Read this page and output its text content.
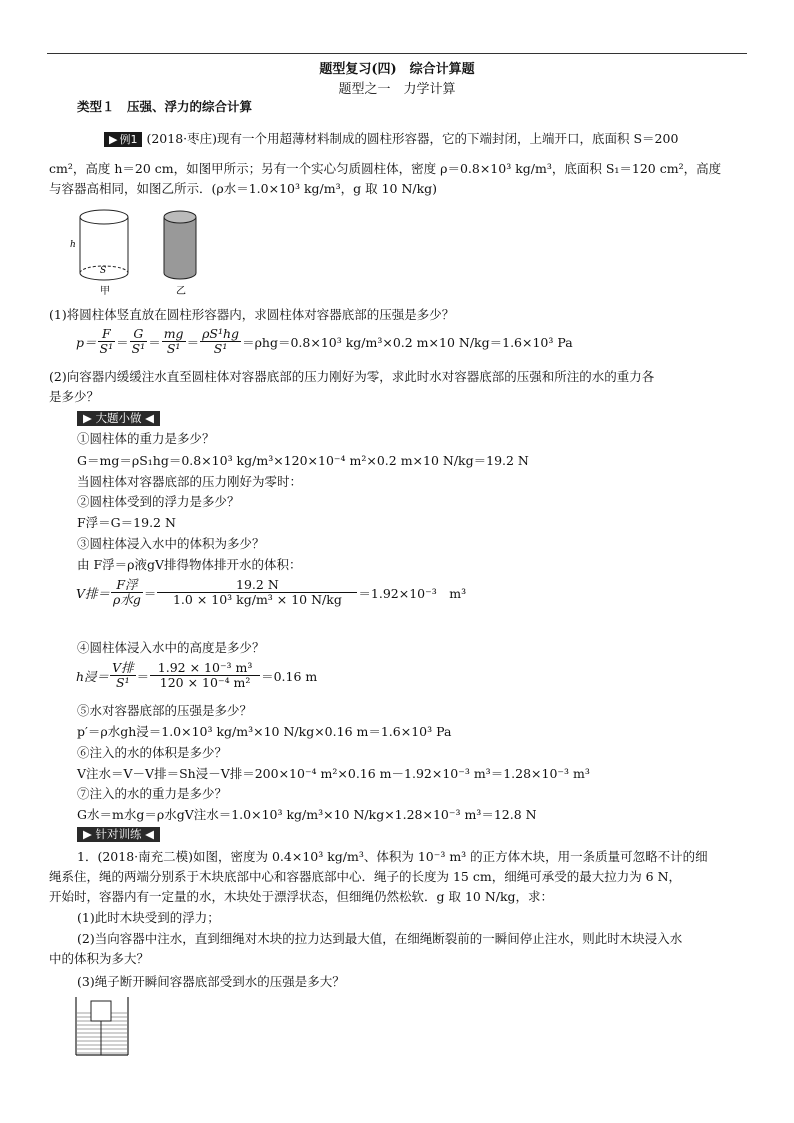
题型复习(四)　综合计算题
题型之一　力学计算
类型１　压强、浮力的综合计算
▶ 例1 (2018·枣庄)现有一个用超薄材料制成的圆柱形容器，它的下端封闭，上端开口，底面积 S＝200
cm²，高度 h＝20 cm，如图甲所示；另有一个实心匀质圆柱体，密度 ρ＝0.8×10³ kg/m³，底面积 S₁＝120 cm²，高度
与容器高相同，如图乙所示．(ρ水＝1.0×10³ kg/m³，g 取 10 N/kg)
h
S
甲	乙
(1)将圆柱体竖直放在圆柱形容器内，求圆柱体对容器底部的压强是多少？
$p= \frac{F}{\text{S¹}} = \frac{G}{\text{S¹}} = \frac{mg}{\text{S¹}} = \frac{\text{ρS¹hg}}{\text{S¹}} =\rho hg=0.8\times 10^3$ kg/m³×0.2 m×10 N/kg＝1.6×10³ Pa
(2)向容器内缓缓注水直至圆柱体对容器底部的压力刚好为零，求此时水对容器底部的压强和所注的水的重力各
是多少？
▶ 大题小做 ◀
①圆柱体的重力是多少？
G＝mg＝ρS₁hg＝0.8×10³ kg/m³×120×10⁻⁴ m²×0.2 m×10 N/kg＝19.2 N
当圆柱体对容器底部的压力刚好为零时：
②圆柱体受到的浮力是多少？
F浮＝G＝19.2 N
③圆柱体浸入水中的体积为多少？
由 F浮＝ρ液gV排得物体排开水的体积：
V排＝ $\frac{\text{F浮}}{\text{ρ水g}} = \frac{19.2 N}{\text{1.0 × 10³ kg/m³ × 10 N/kg}} =1.92\times 10^{-3}$　m³
④圆柱体浸入水中的高度是多少？
h浸＝ $\frac{\text{V排}}{\text{S¹}} = \frac{\text{1.92 × 10⁻³ m³}}{\text{120 × 10⁻⁴ m²}} =0.16$ m
⑤水对容器底部的压强是多少？
p′＝ρ水gh浸＝1.0×10³ kg/m³×10 N/kg×0.16 m＝1.6×10³ Pa
⑥注入的水的体积是多少？
V注水＝V－V排＝Sh浸－V排＝200×10⁻⁴ m²×0.16 m－1.92×10⁻³ m³＝1.28×10⁻³ m³
⑦注入的水的重力是多少？
G水＝m水g＝ρ水gV注水＝1.0×10³ kg/m³×10 N/kg×1.28×10⁻³ m³＝12.8 N
▶ 针对训练 ◀
1．(2018·南充二模)如图，密度为 0.4×10³ kg/m³、体积为 10⁻³ m³ 的正方体木块，用一条质量可忽略不计的细
绳系住，绳的两端分别系于木块底部中心和容器底部中心．绳子的长度为 15 cm，细绳可承受的最大拉力为 6 N，
开始时，容器内有一定量的水，木块处于漂浮状态，但细绳仍然松软．g 取 10 N/kg，求：
(1)此时木块受到的浮力；
(2)当向容器中注水，直到细绳对木块的拉力达到最大值，在细绳断裂前的一瞬间停止注水，则此时木块浸入水
中的体积为多大？
(3)绳子断开瞬间容器底部受到水的压强是多大？
